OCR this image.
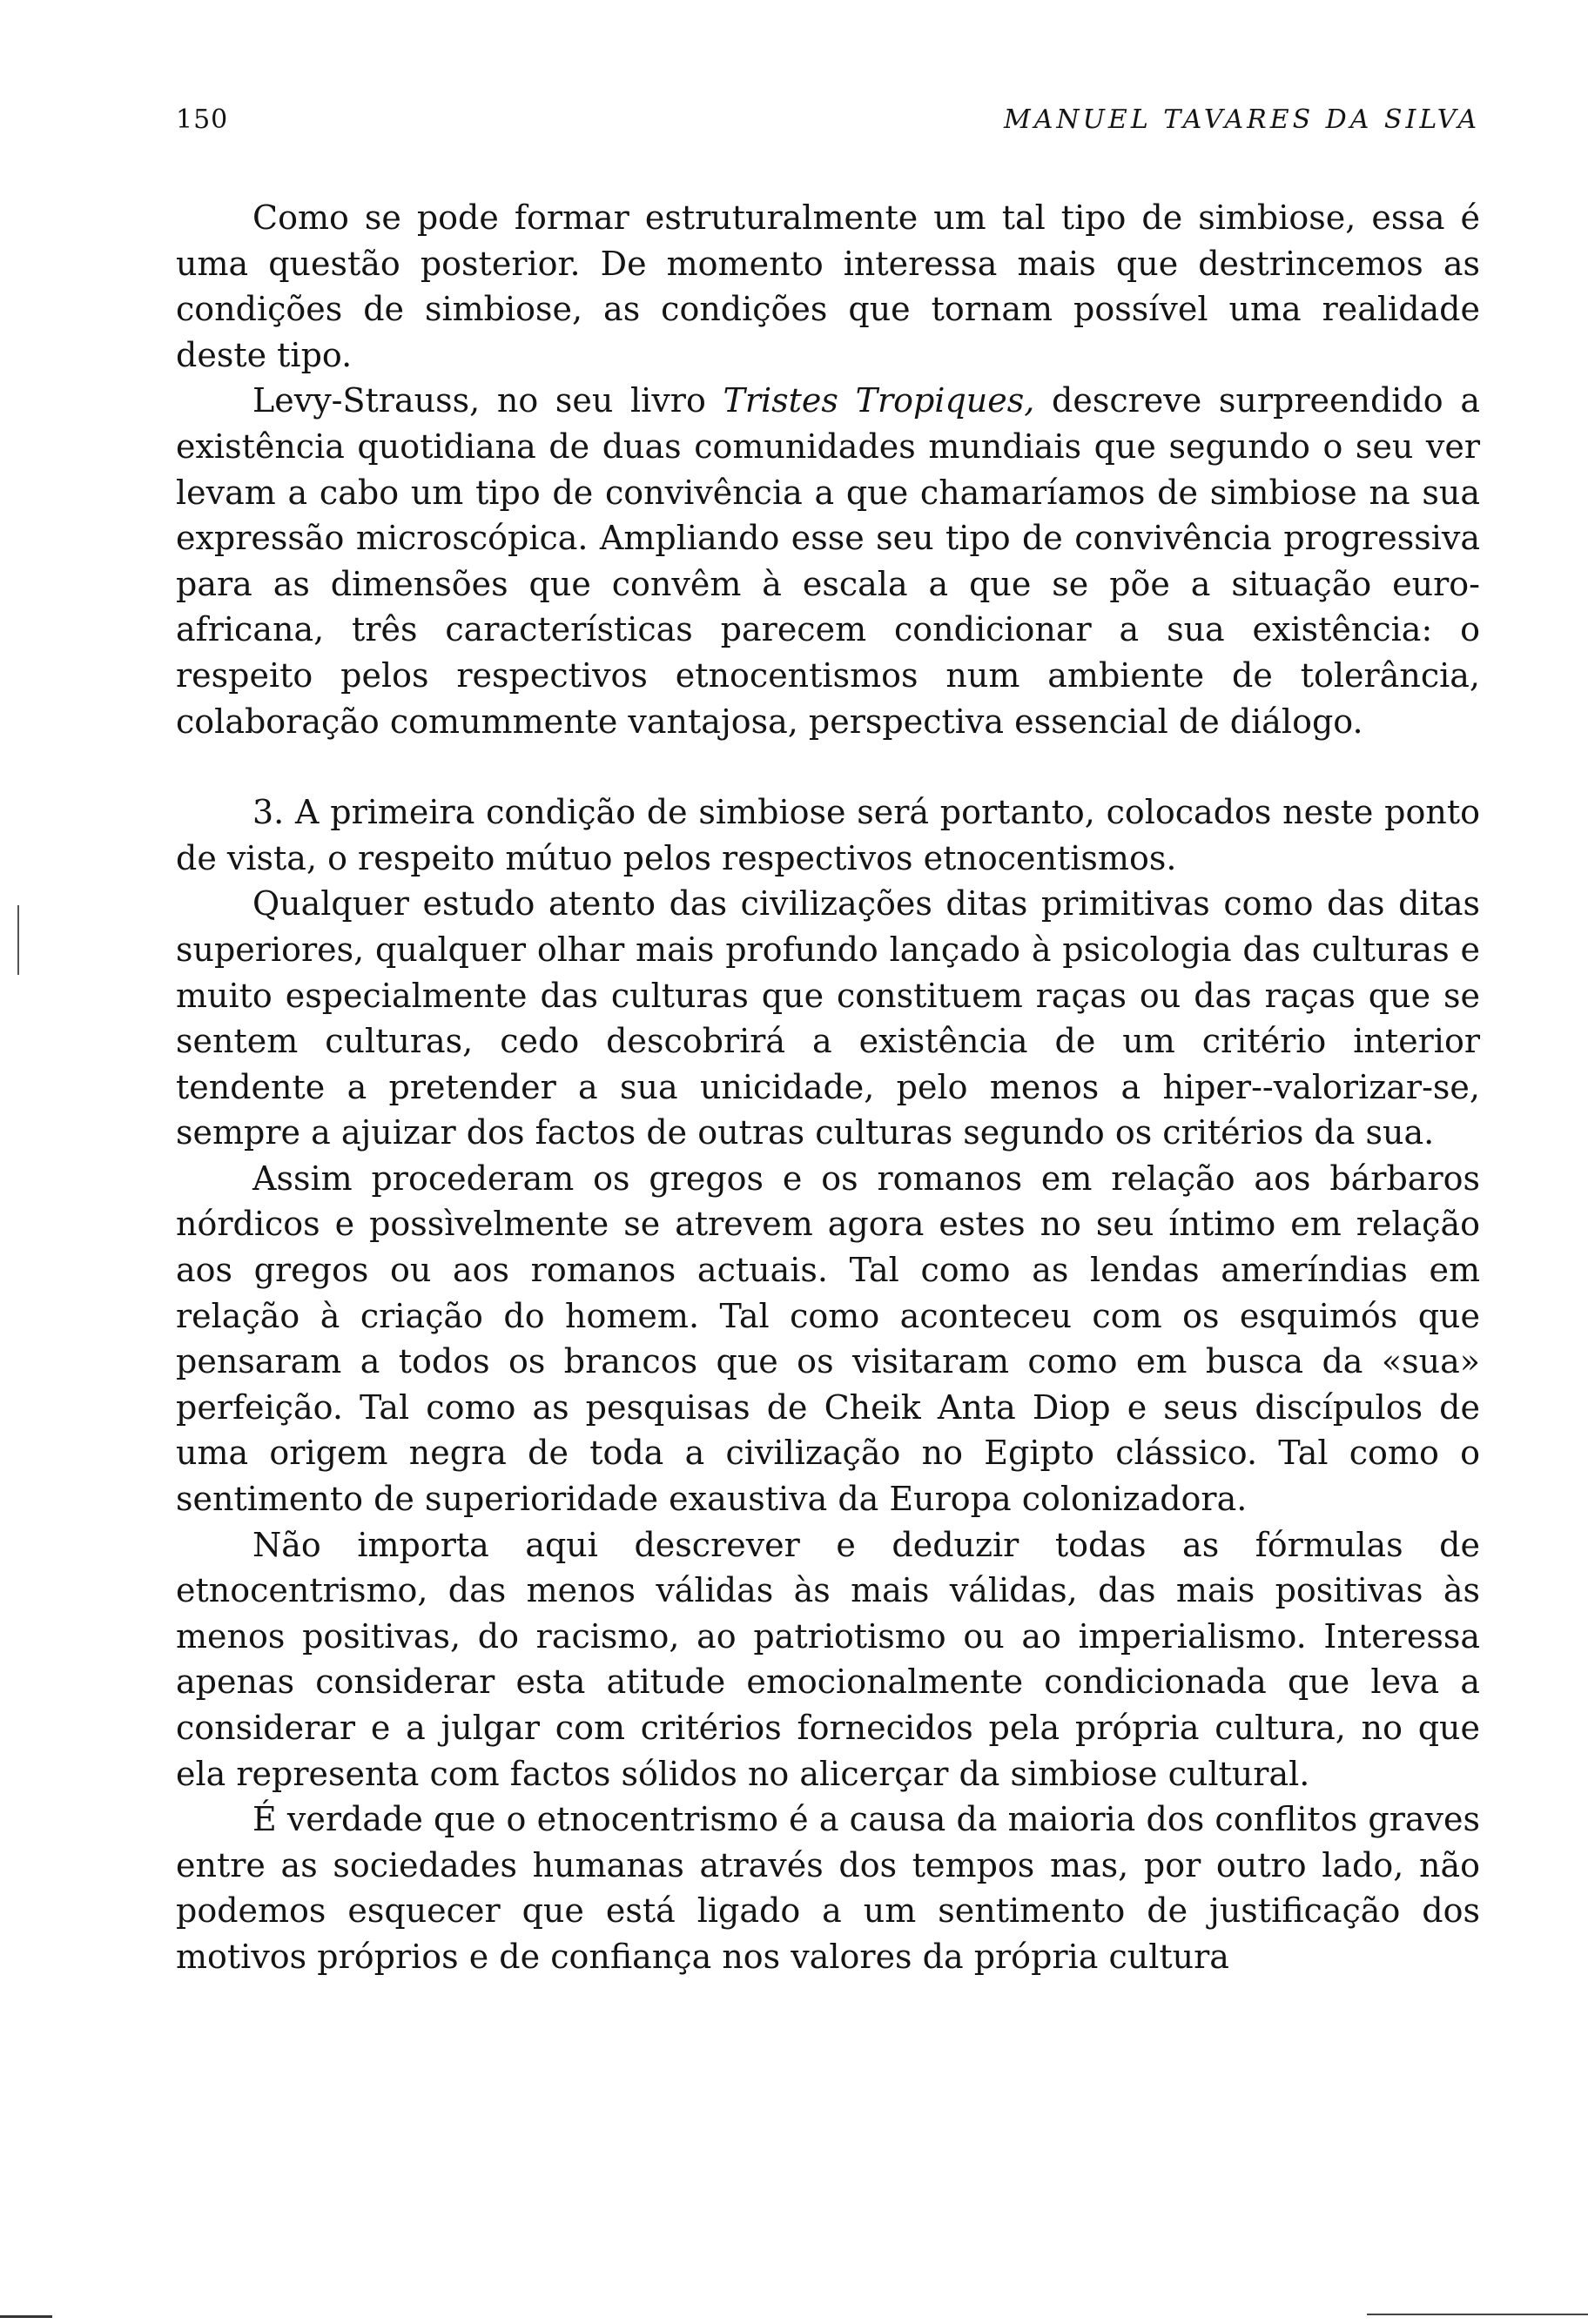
150	MANUEL TAVARES DA SILVA

Como se pode formar estruturalmente um tal tipo de simbiose, essa é uma questão posterior. De momento interessa mais que destrincemos as condições de simbiose, as condições que tornam possível uma realidade deste tipo.

Levy-Strauss, no seu livro Tristes Tropiques, descreve surpreendido a existência quotidiana de duas comunidades mundiais que segundo o seu ver levam a cabo um tipo de convivência a que chamaríamos de simbiose na sua expressão microscópica. Ampliando esse seu tipo de convivência progressiva para as dimensões que convêm à escala a que se põe a situação euro-africana, três características parecem condicionar a sua existência: o respeito pelos respectivos etnocentismos num ambiente de tolerância, colaboração comummente vantajosa, perspectiva essencial de diálogo.

3. A primeira condição de simbiose será portanto, colocados neste ponto de vista, o respeito mútuo pelos respectivos etnocentismos.

Qualquer estudo atento das civilizações ditas primitivas como das ditas superiores, qualquer olhar mais profundo lançado à psicologia das culturas e muito especialmente das culturas que constituem raças ou das raças que se sentem culturas, cedo descobrirá a existência de um critério interior tendente a pretender a sua unicidade, pelo menos a hiper--valorizar-se, sempre a ajuizar dos factos de outras culturas segundo os critérios da sua.

Assim procederam os gregos e os romanos em relação aos bárbaros nórdicos e possìvelmente se atrevem agora estes no seu íntimo em relação aos gregos ou aos romanos actuais. Tal como as lendas ameríndias em relação à criação do homem. Tal como aconteceu com os esquimós que pensaram a todos os brancos que os visitaram como em busca da «sua» perfeição. Tal como as pesquisas de Cheik Anta Diop e seus discípulos de uma origem negra de toda a civilização no Egipto clássico. Tal como o sentimento de superioridade exaustiva da Europa colonizadora.

Não importa aqui descrever e deduzir todas as fórmulas de etnocentrismo, das menos válidas às mais válidas, das mais positivas às menos positivas, do racismo, ao patriotismo ou ao imperialismo. Interessa apenas considerar esta atitude emocionalmente condicionada que leva a considerar e a julgar com critérios fornecidos pela própria cultura, no que ela representa com factos sólidos no alicerçar da simbiose cultural.

É verdade que o etnocentrismo é a causa da maioria dos conflitos graves entre as sociedades humanas através dos tempos mas, por outro lado, não podemos esquecer que está ligado a um sentimento de justificação dos motivos próprios e de confiança nos valores da própria cultura
